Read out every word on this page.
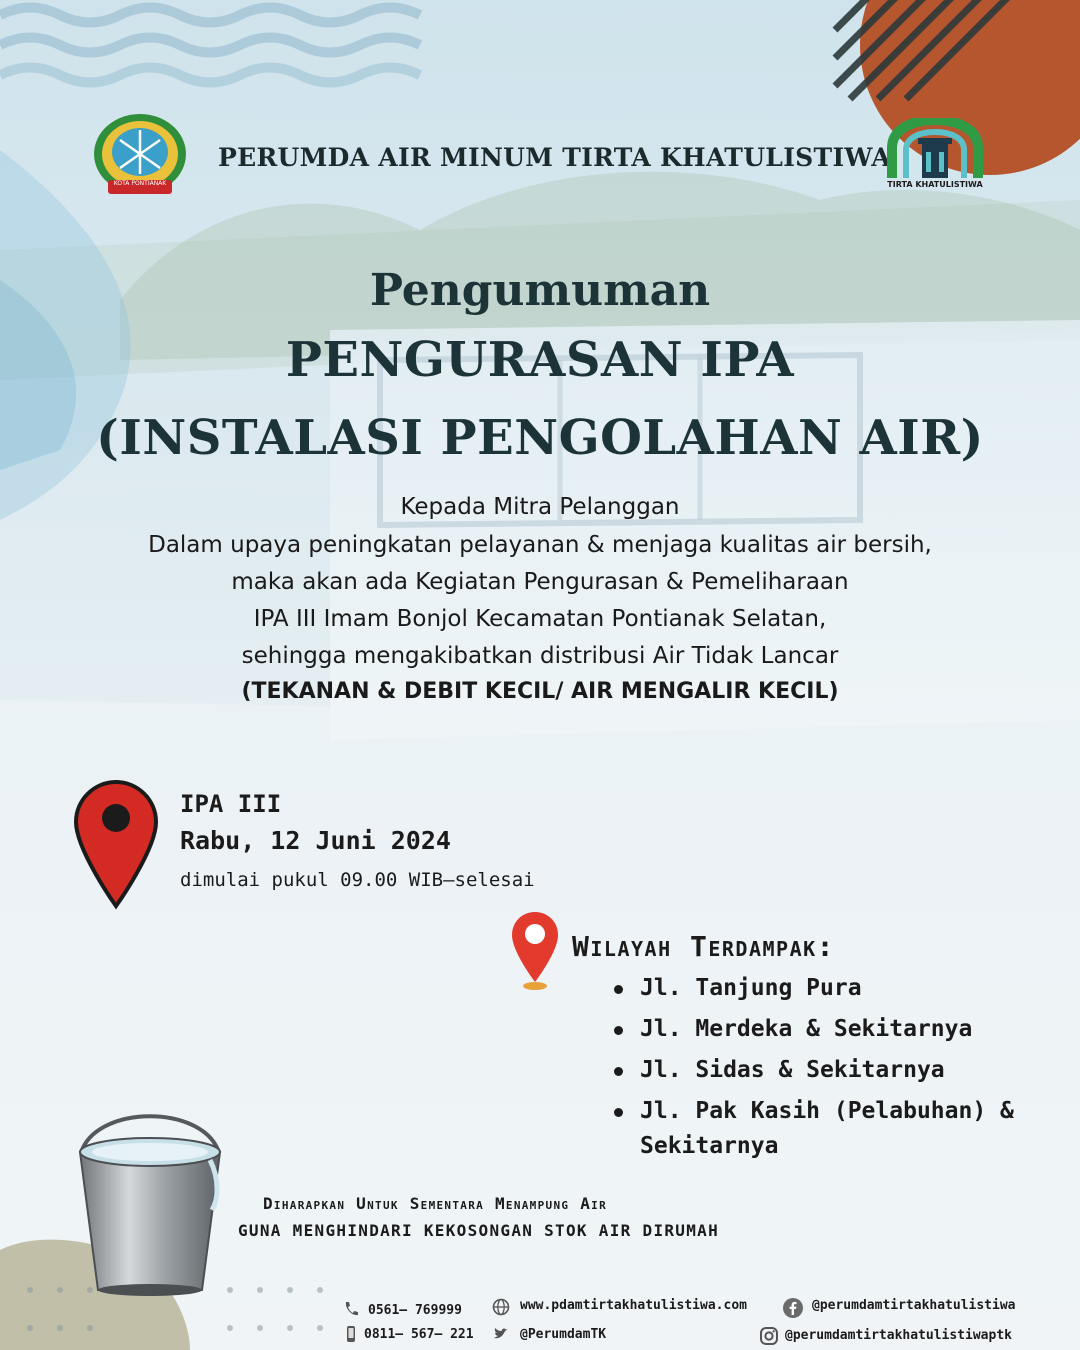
KOTA PONTIANAK
PERUMDA AIR MINUM TIRTA KHATULISTIWA
TIRTA KHATULISTIWA
Pengumuman
PENGURASAN IPA
(INSTALASI PENGOLAHAN AIR)
Kepada Mitra Pelanggan
Dalam upaya peningkatan pelayanan & menjaga kualitas air bersih,
maka akan ada Kegiatan Pengurasan & Pemeliharaan
IPA III Imam Bonjol Kecamatan Pontianak Selatan,
sehingga mengakibatkan distribusi Air Tidak Lancar
(TEKANAN & DEBIT KECIL/ AIR MENGALIR KECIL)
IPA III
Rabu, 12 Juni 2024
dimulai pukul 09.00 WIB–selesai
Wilayah Terdampak:
Jl. Tanjung Pura
Jl. Merdeka & Sekitarnya
Jl. Sidas & Sekitarnya
Jl. Pak Kasih (Pelabuhan) &
Sekitarnya
Diharapkan Untuk Sementara Menampung Air
GUNA MENGHINDARI KEKOSONGAN STOK AIR DIRUMAH
0561– 769999
0811– 567– 221
www.pdamtirtakhatulistiwa.com
@PerumdamTK
@perumdamtirtakhatulistiwa
@perumdamtirtakhatulistiwaptk
